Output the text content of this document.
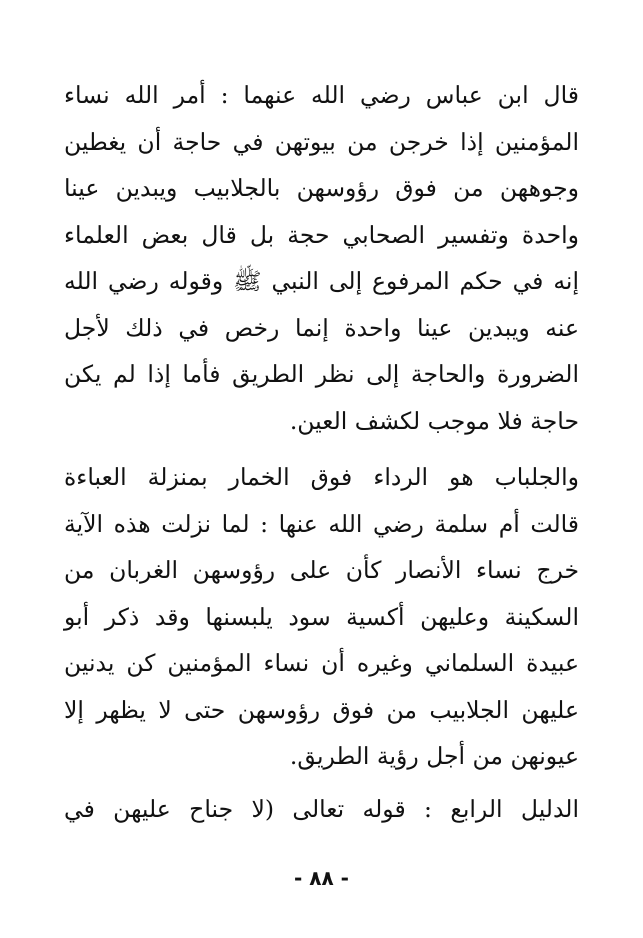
قال ابن عباس رضي الله عنهما : أمر الله نساء
المؤمنين إذا خرجن من بيوتهن في حاجة أن يغطين
وجوههن من فوق رؤوسهن بالجلابيب ويبدين عينا
واحدة وتفسير الصحابي حجة بل قال بعض العلماء
إنه في حكم المرفوع إلى النبي ﷺ وقوله رضي الله
عنه ويبدين عينا واحدة إنما رخص في ذلك لأجل
الضرورة والحاجة إلى نظر الطريق فأما إذا لم يكن
حاجة فلا موجب لكشف العين.
والجلباب هو الرداء فوق الخمار بمنزلة العباءة
قالت أم سلمة رضي الله عنها : لما نزلت هذه الآية
خرج نساء الأنصار كأن على رؤوسهن الغربان من
السكينة وعليهن أكسية سود يلبسنها وقد ذكر أبو
عبيدة السلماني وغيره أن نساء المؤمنين كن يدنين
عليهن الجلابيب من فوق رؤوسهن حتى لا يظهر إلا
عيونهن من أجل رؤية الطريق.
الدليل الرابع : قوله تعالى (لا جناح عليهن في
- ٨٨ -
